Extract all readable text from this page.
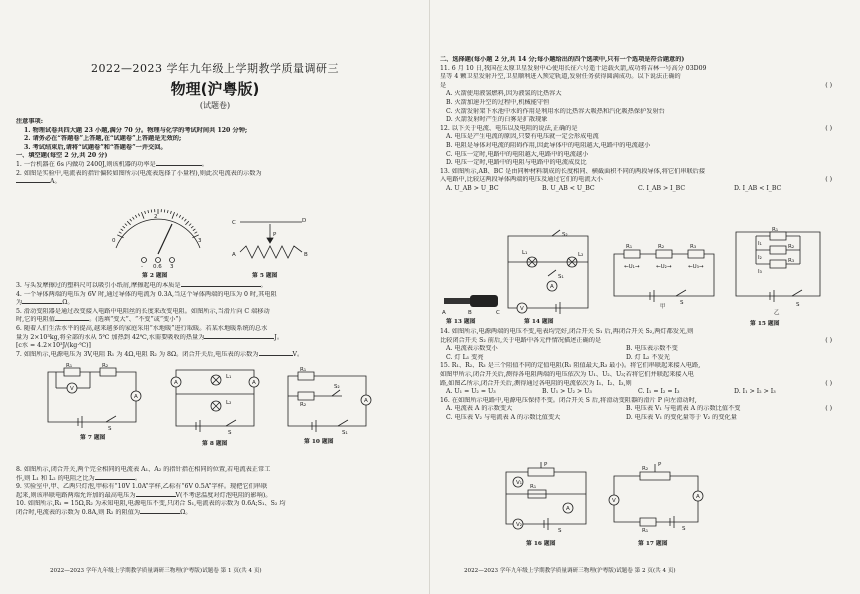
2022—2023 学年九年级上学期教学质量调研三
物理(沪粤版)
(试题卷)
注意事项:
1. 物理试卷共四大题 23 小题,满分 70 分。物理与化学的考试时间共 120 分钟;
2. 请务必在“答题卷”上答题,在“试题卷”上答题是无效的;
3. 考试结束后,请将“试题卷”和“答题卷”一并交回。
一、填空题(每空 2 分,共 20 分)
1. 一台机器在 6s 内做功 2400J,则该机器的功率是	。
2. 如图是实验中,电流表的指针偏转如图所示(电流表选择了小量程),则此次电流表的示数为
A。
0
2
3
- 0.6 3
第 2 题图
C	D
P
A	B
第 5 题图
3. 与头发摩擦过的塑料尺可以吸引小纸屑,摩擦起电的本质是	。
4. 一个导体两端的电压为 6V 时,通过导体的电流为 0.3A,当这个导体两端的电压为 0 时,其电阻
为	Ω。
5. 滑动变阻器是通过改变接入电路中电阻丝的长度来改变电阻。如图所示,当滑片向 C 端移动
时,它的电阻值	。(选填“变大”、“不变”或“变小”)
6. 随着人们生活水平的提高,越来越多的家庭采用“水地暖”进行取暖。若某水地暖系统的总水
量为 2×10³kg,将全部的水从 5℃ 加热到 42℃,水需要吸收的热量为	J。
[c水 = 4.2×10³J/(kg·℃)]
7. 如图所示,电源电压为 3V,电阻 R₁ 为 4Ω,电阻 R₂ 为 8Ω。闭合开关后,电压表的示数为	V。
R₁	R₂
V
A
S
第 7 题图
L₁
L₂
A	A
S
第 8 题图
R₁
R₂
S₂
A
S₁
第 10 题图
8. 如图所示,闭合开关,两个完全相同的电流表 A₁、A₂ 的指针指在相同的位置,若电流表正常工
作,则 L₁ 和 L₂ 的电阻之比为	。
9. 实验室中,甲、乙两只灯泡,甲标有“10V 1.0A”字样,乙标有“6V 0.5A”字样。现把它们串联
起来,则该串联电路两端允许加的最高电压为	V(不考虑温度对灯泡电阻的影响)。
10. 如图所示,R₁ = 15Ω,R₂ 为未知电阻,电源电压不变,只闭合 S₁,电流表的示数为 0.6A;S₁、S₂ 均
闭合时,电流表的示数为 0.8A,则 R₂ 的阻值为	Ω。
2022—2023 学年九年级上学期教学质量调研三物理(沪粤版)试题卷 第 1 页(共 4 页)
二、选择题(每小题 2 分,共 14 分;每小题给出的四个选项中,只有一个选项是符合题意的)
11. 6 月 10 日,我国在太原卫星发射中心使用长征六号遥十运载火箭,成功将吉林一号高分 03D09
星等 4 颗卫星发射升空,卫星顺利进入预定轨道,发射任务获得圆满成功。以下说法正确的
是	( )
A. 火箭使用液氢燃料,因为液氢的比热容大
B. 火箭加速升空的过程中,机械能守恒
C. 火箭发射架下水池中水的作用是利用水的比热容大吸热和汽化吸热保护发射台
D. 火箭发射时产生的白雾是扩散现象
12. 以下关于电流、电压以及电阻的说法,正确的是	( )
A. 电压是产生电流的原因,只要有电压就一定会形成电流
B. 电阻是导体对电流的阻碍作用,因此导体中的电阻越大,电路中的电流越小
C. 电压一定时,电路中的电阻越大,电路中的电流越小
D. 电压一定时,电路中的电阻与电路中的电流成反比
13. 如图所示,AB、BC 是由同种材料制成的长度相同、横截面积不同的两段导体,将它们串联后接
入电路中,比较这两段导体两端的电压及通过它们的电流大小	( )
A. U_AB > U_BC	B. U_AB < U_BC	C. I_AB > I_BC	D. I_AB < I_BC
A	B	C
第 13 题图
L₁	L₂
S₂
S₁
A
V
第 14 题图
R₁	R₂	R₃
←U₁→	←U₂→	←U₃→
S
甲
R₁
R₂
R₃
I₁
I₂
I₃
S
乙
第 15 题图
14. 如图所示,电源两端的电压不变,电表均完好,闭合开关 S₁ 后,再闭合开关 S₂,两灯都发光,则
比较闭合开关 S₂ 前后,关于电路中各元件情况描述正确的是	( )
A. 电流表示数变小	B. 电压表示数不变
C. 灯 L₁ 变亮	D. 灯 L₂ 不发光
15. R₁、R₂、R₃ 是三个阻值不同的定值电阻(R₁ 阻值最大,R₃ 最小)。将它们串联起来接入电路,
如图甲所示,闭合开关后,测得各电阻两端的电压依次为 U₁、U₂、U₃;若将它们并联起来接入电
路,如图乙所示,闭合开关后,测得通过各电阻的电流依次为 I₁、I₂、I₃,则	( )
A. U₁ = U₂ = U₃	B. U₁ > U₂ > U₃	C. I₁ = I₂ = I₃	D. I₁ > I₂ > I₃
16. 在如图所示电路中,电源电压保持不变。闭合开关 S 后,将滑动变阻器的滑片 P 向左滑动时,
A. 电流表 A 的示数变大	B. 电压表 V₁ 与电流表 A 的示数比值不变	( )
C. 电压表 V₂ 与电流表 A 的示数比值变大	D. 电压表 V₁ 的变化量等于 V₂ 的变化量
P
R₁
V₁
A
V₂
S
第 16 题图
R₂
P
A
R₁
V
S
第 17 题图
2022—2023 学年九年级上学期教学质量调研三物理(沪粤版)试题卷 第 2 页(共 4 页)
